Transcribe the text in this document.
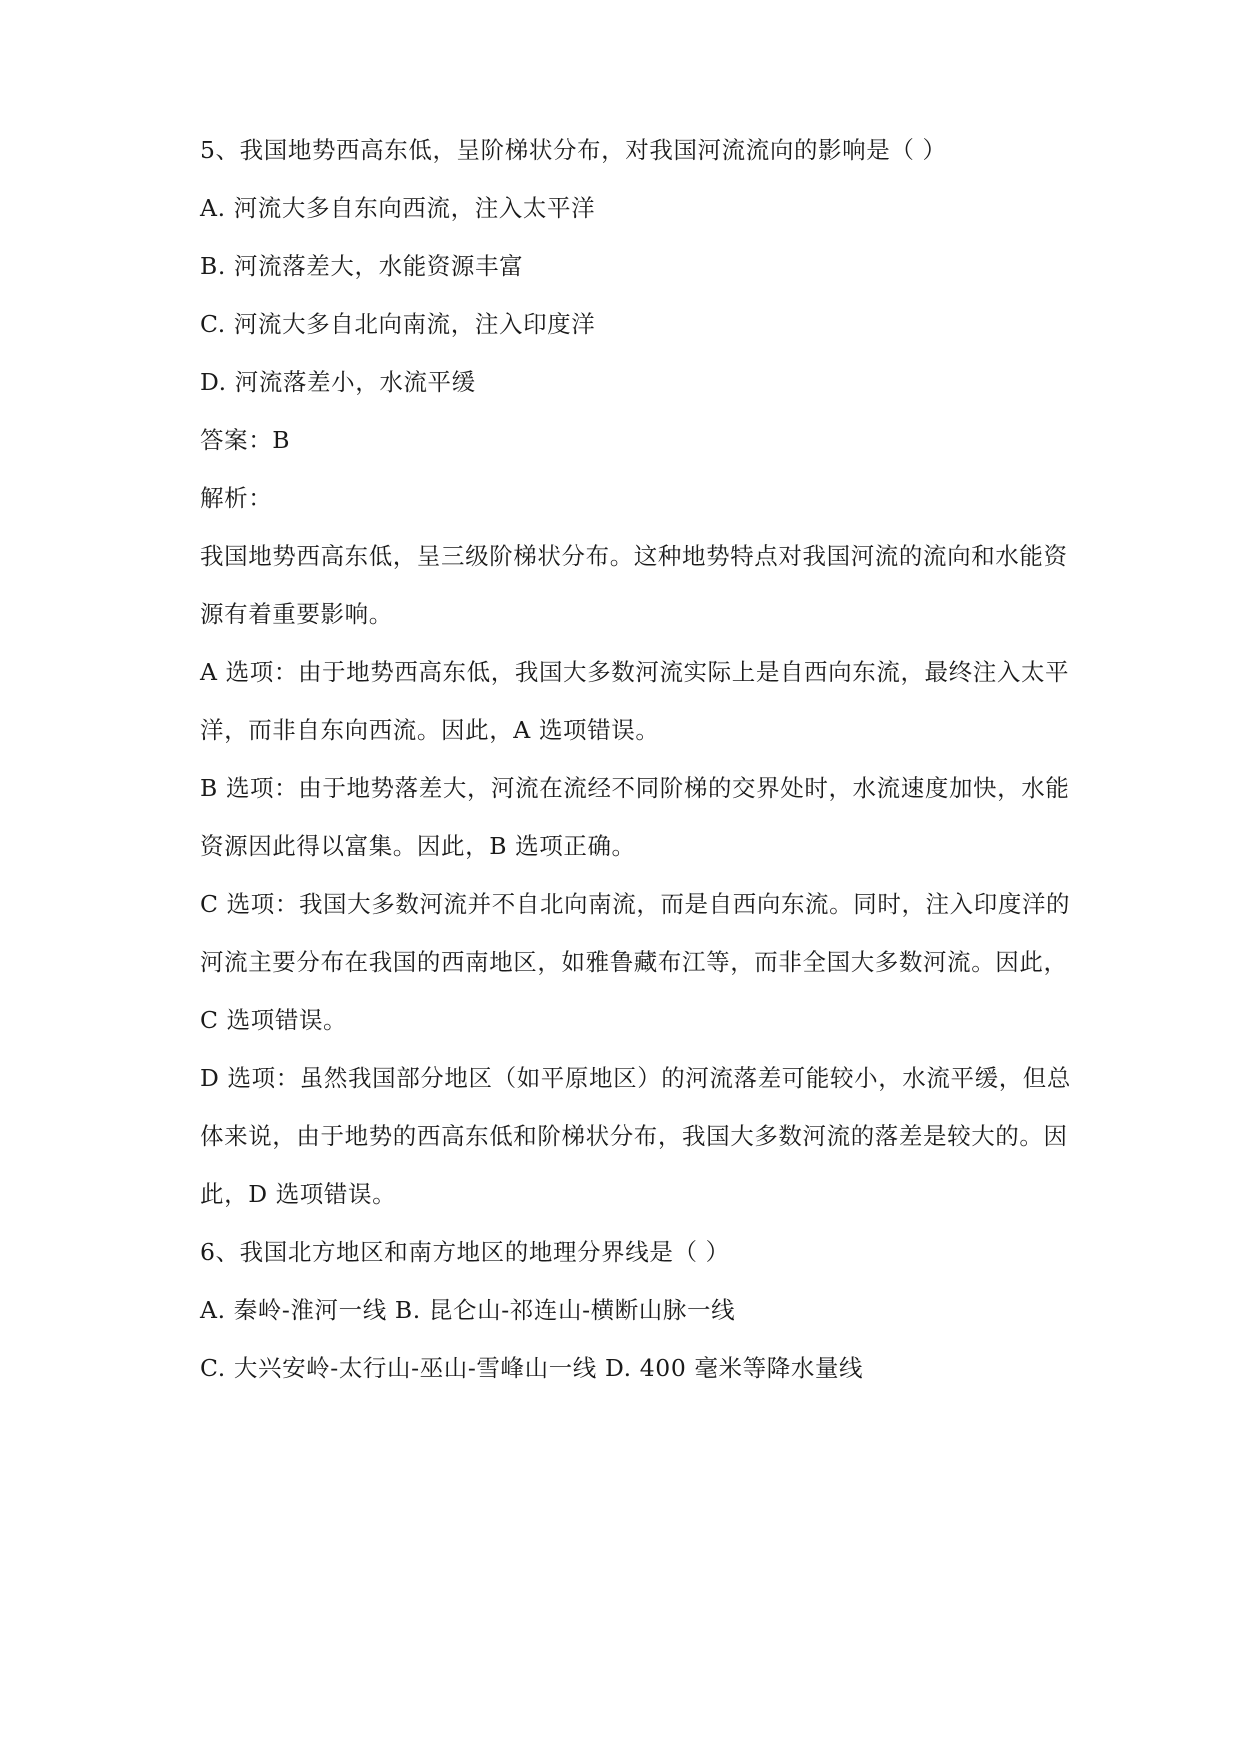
5、我国地势西高东低，呈阶梯状分布，对我国河流流向的影响是（ ）
A. 河流大多自东向西流，注入太平洋
B. 河流落差大，水能资源丰富
C. 河流大多自北向南流，注入印度洋
D. 河流落差小，水流平缓
答案：B
解析：
我国地势西高东低，呈三级阶梯状分布。这种地势特点对我国河流的流向和水能资
源有着重要影响。
A 选项：由于地势西高东低，我国大多数河流实际上是自西向东流，最终注入太平
洋，而非自东向西流。因此，A 选项错误。
B 选项：由于地势落差大，河流在流经不同阶梯的交界处时，水流速度加快，水能
资源因此得以富集。因此，B 选项正确。
C 选项：我国大多数河流并不自北向南流，而是自西向东流。同时，注入印度洋的
河流主要分布在我国的西南地区，如雅鲁藏布江等，而非全国大多数河流。因此，
C 选项错误。
D 选项：虽然我国部分地区（如平原地区）的河流落差可能较小，水流平缓，但总
体来说，由于地势的西高东低和阶梯状分布，我国大多数河流的落差是较大的。因
此，D 选项错误。
6、我国北方地区和南方地区的地理分界线是（ ）
A. 秦岭-淮河一线 B. 昆仑山-祁连山-横断山脉一线
C. 大兴安岭-太行山-巫山-雪峰山一线 D. 400 毫米等降水量线
